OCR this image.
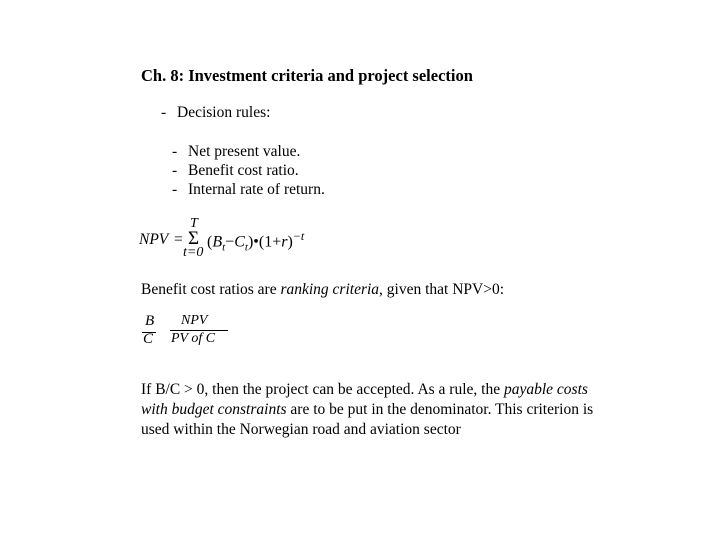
Ch. 8: Investment criteria and project selection
- Decision rules:
- Net present value.
- Benefit cost ratio.
- Internal rate of return.
NPV =
T
Σ
t=0
$(B_t-C_t)•(1+r)^{-t}$
Benefit cost ratios are ranking criteria, given that NPV>0:
B
C
NPV
PV of C
If B/C > 0, then the project can be accepted. As a rule, the payable costs
with budget constraints are to be put in the denominator. This criterion is
used within the Norwegian road and aviation sector
